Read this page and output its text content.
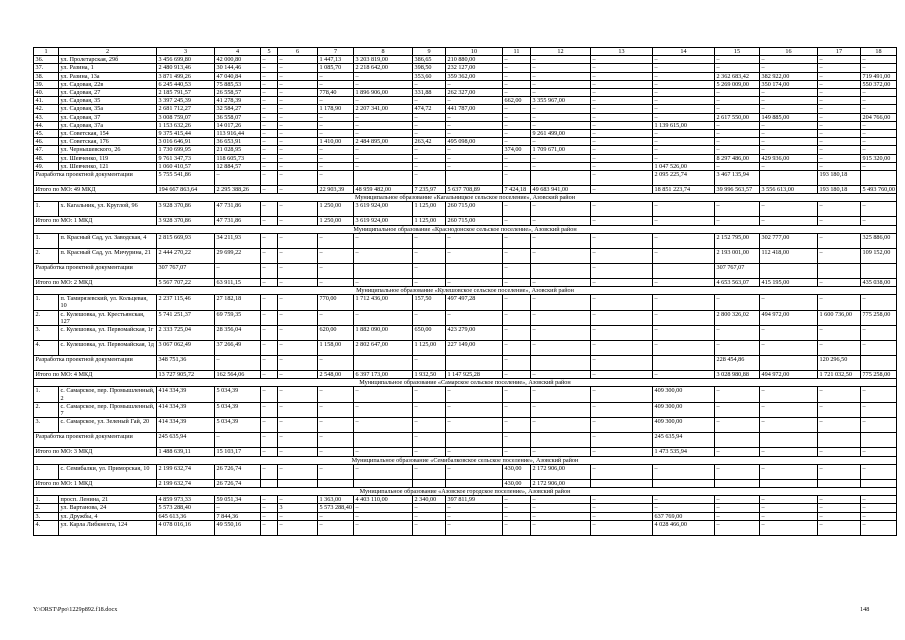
1	2	3	4	5	6	7	8	9	10	11	12	13	14	15	16	17	18
36.	ул. Пролетарская, 29б	3 456 699,80	42 000,80	–	–	1 447,13	3 203 819,00	386,65	210 880,00	–	–	–	–	–	–	–	–
37.	ул. Разина, 1	2 480 913,46	30 144,46	–	–	1 085,70	2 218 642,00	398,50	232 127,00	–	–	–	–	–	–	–	–
38.	ул. Разина, 13а	3 871 499,26	47 040,84	–	–	–	–	353,60	359 362,00	–	–	–	–	2 362 683,42	382 922,00	–	719 491,00
39.	ул. Садовая, 22в	6 245 440,53	75 885,53	–	–	–	–	–	–	–	–	–	–	5 269 009,00	350 174,00	–	550 372,00
40.	ул. Садовая, 27	2 185 791,57	26 558,57	–	–	778,40	1 896 906,00	331,88	262 327,00	–	–	–	–	–	–	–	–
41.	ул. Садовая, 35	3 397 245,39	41 278,39	–	–	–	–	–	–	662,00	3 355 967,00	–	–	–	–	–	–
42.	ул. Садовая, 35а	2 681 712,27	32 584,27	–	–	1 178,90	2 207 341,00	474,72	441 787,00	–	–	–	–	–	–	–	–
43.	ул. Садовая, 37	3 008 759,07	36 558,07	–	–	–	–	–	–	–	–	–	–	2 617 550,00	149 885,00	–	204 766,00
44.	ул. Садовая, 37а	1 153 632,26	14 017,26	–	–	–	–	–	–	–	–	–	1 139 615,00	–	–	–	–
45.	ул. Советская, 154	9 375 415,44	113 916,44	–	–	–	–	–	–	–	9 261 499,00	–	–	–	–	–	–
46.	ул. Советская, 176	3 016 646,91	36 653,91	–	–	1 410,00	2 484 895,00	263,42	495 098,00	–	–	–	–	–	–	–	–
47.	ул. Чернышевского, 26	1 730 699,95	21 028,95	–	–	–	–	–	–	374,00	1 709 671,00	–	–	–	–	–	–
48.	ул. Шевченко, 119	9 761 347,73	118 605,73	–	–	–	–	–	–	–	–	–	–	8 297 486,00	429 936,00	–	915 320,00
49.	ул. Шевченко, 121	1 060 410,57	12 884,57	–	–	–	–	–	–	–	–	–	1 047 526,00	–	–	–	–
Разработка проектной документации		5 755 541,86	–	–	–	–		–		–		–	2 095 225,74	3 467 135,94		193 180,18	
Итого по МО: 49 МКД		194 667 863,64	2 295 388,26	–	–	22 903,39	48 959 482,00	7 235,97	5 637 708,89	7 424,18	49 683 941,00	–	18 851 223,74	39 996 563,57	3 556 613,00	193 180,18	5 493 760,00
Муниципальное образование «Кагальницкое сельское поселение», Азовский район																	
1.	х. Кагальник, ул. Круглой, 96	3 928 370,86	47 731,86	–	–	1 250,00	3 619 924,00	1 125,00	260 715,00	–	–	–	–	–	–	–	–
Итого по МО: 1 МКД		3 928 370,86	47 731,86	–	–	1 250,00	3 619 924,00	1 125,00	260 715,00	–	–	–	–	–	–	–	–
Муниципальное образование «Краснодонское сельское поселение», Азовский район																	
1.	п. Красный Сад, ул. Заводская, 4	2 815 669,93	34 211,93	–	–	–	–	–	–	–	–	–	–	2 152 795,00	302 777,00	–	325 886,00
2.	п. Красный Сад, ул. Мичурина, 21	2 444 270,22	29 699,22	–	–	–	–	–	–	–	–	–	–	2 193 001,00	112 418,00	–	109 152,00
Разработка проектной документации		307 767,07	–	–	–	–		–		–		–		307 767,07			
Итого по МО: 2 МКД		5 567 707,22	63 911,15	–	–	–	–	–	–	–	–	–	–	4 653 563,07	415 195,00	–	435 038,00
Муниципальное образование «Кулешовское сельское поселение», Азовский район																	
1.	п. Тамирязевский, ул. Кольцевая, 10	2 237 115,46	27 182,18	–	–	770,00	1 712 436,00	157,50	497 497,28	–	–	–	–	–	–	–	–
2.	с. Кулешовка, ул. Крестьянская, 127	5 741 251,37	69 759,35	–	–	–	–	–	–	–	–	–	–	2 800 326,02	494 972,00	1 600 736,00	775 258,00
3.	с. Кулешовка, ул. Первомайская, 1г	2 333 725,04	28 356,04	–	–	620,00	1 882 090,00	650,00	423 279,00	–	–	–	–	–	–	–	–
4.	с. Кулешовка, ул. Первомайская, 1д	3 067 062,49	37 266,49	–	–	1 158,00	2 802 647,00	1 125,00	227 149,00	–	–	–	–	–	–	–	–
Разработка проектной документации		348 751,36	–	–	–	–		–		–		–		228 454,86		120 296,50	
Итого по МО: 4 МКД		13 727 905,72	162 564,06	–	–	2 548,00	6 397 173,00	1 932,50	1 147 925,28	–	–	–	–	3 028 980,88	494 972,00	1 721 032,50	775 258,00
Муниципальное образование «Самарское сельское поселение», Азовский район																	
1.	с. Самарское, пер. Промышленный, 2	414 334,39	5 034,39	–	–	–	–	–	–	–	–	–	409 300,00	–	–	–	–
2.	с. Самарское, пер. Промышленный, 7	414 334,39	5 034,39	–	–	–	–	–	–	–	–	–	409 300,00	–	–	–	–
3.	с. Самарское, ул. Зеленый Гай, 20	414 334,39	5 034,39	–	–	–	–	–	–	–	–	–	409 300,00	–	–	–	–
Разработка проектной документации		245 635,94	–	–	–	–		–		–		–	245 635,94				
Итого по МО: 3 МКД		1 488 639,11	15 103,17	–	–	–	–	–	–	–	–	–	1 473 535,94	–	–	–	–
Муниципальное образование «Семибалковское сельское поселение», Азовский район																	
1.	с. Семибалки, ул. Приморская, 10	2 199 632,74	26 726,74	–	–	–	–	–	–	430,00	2 172 906,00	–	–	–	–	–	–
Итого по МО: 1 МКД		2 199 632,74	26 726,74							430,00	2 172 906,00						
Муниципальное образование «Азовское городское поселение», Азовский район																	
1.	просп. Ленина, 21	4 859 973,33	59 051,34	–	–	1 363,00	4 403 110,00	2 340,00	397 811,99	–	–	–	–	–	–	–	–
2.	ул. Вартанова, 24	5 573 288,40	–	–	3	5 573 288,40	–	–	–	–	–	–	–	–	–	–	–
3.	ул. Дружбы, 4	645 613,36	7 844,36	–	–	–	–	–	–	–	–	–	637 769,00	–	–	–	–
4.	ул. Карла Либкнехта, 124	4 078 016,16	49 550,16	–	–	–	–	–	–	–	–	–	4 028 466,00	–	–	–	–
Y:\ORST\Ppo\1229p892.f18.docx	148
